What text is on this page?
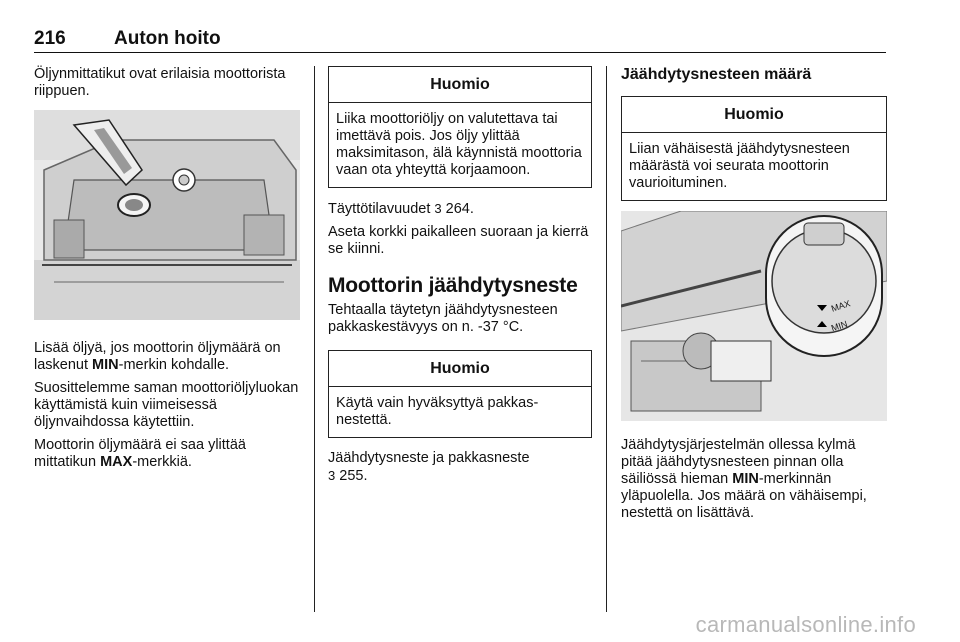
216	Auton hoito

Öljynmittatikut ovat erilaisia moottorista riippuen.

Lisää öljyä, jos moottorin öljymäärä on laskenut MIN-merkin kohdalle.

Suosittelemme saman moottoriöljyluokan käyttämistä kuin viimeisessä öljynvaihdossa käytettiin.

Moottorin öljymäärä ei saa ylittää mittatikun MAX-merkkiä.

Huomio
Liika moottoriöljy on valutettava tai imettävä pois. Jos öljy ylittää maksimitason, älä käynnistä moottoria vaan ota yhteyttä korjaamoon.

Täyttötilavuudet 3 264.

Aseta korkki paikalleen suoraan ja kierrä se kiinni.

Moottorin jäähdytysneste

Tehtaalla täytetyn jäähdytysnesteen pakkaskestävyys on n. -37 °C.

Huomio
Käytä vain hyväksyttyä pakkasnestettä.

Jäähdytysneste ja pakkasneste
3 255.

Jäähdytysnesteen määrä
Huomio
Liian vähäisestä jäähdytysnesteen määrästä voi seurata moottorin vaurioituminen.
MAX
MIN

Jäähdytysjärjestelmän ollessa kylmä pitää jäähdytysnesteen pinnan olla säiliössä hieman MIN-merkinnän yläpuolella. Jos määrä on vähäisempi, nestettä on lisättävä.

carmanualsonline.info
